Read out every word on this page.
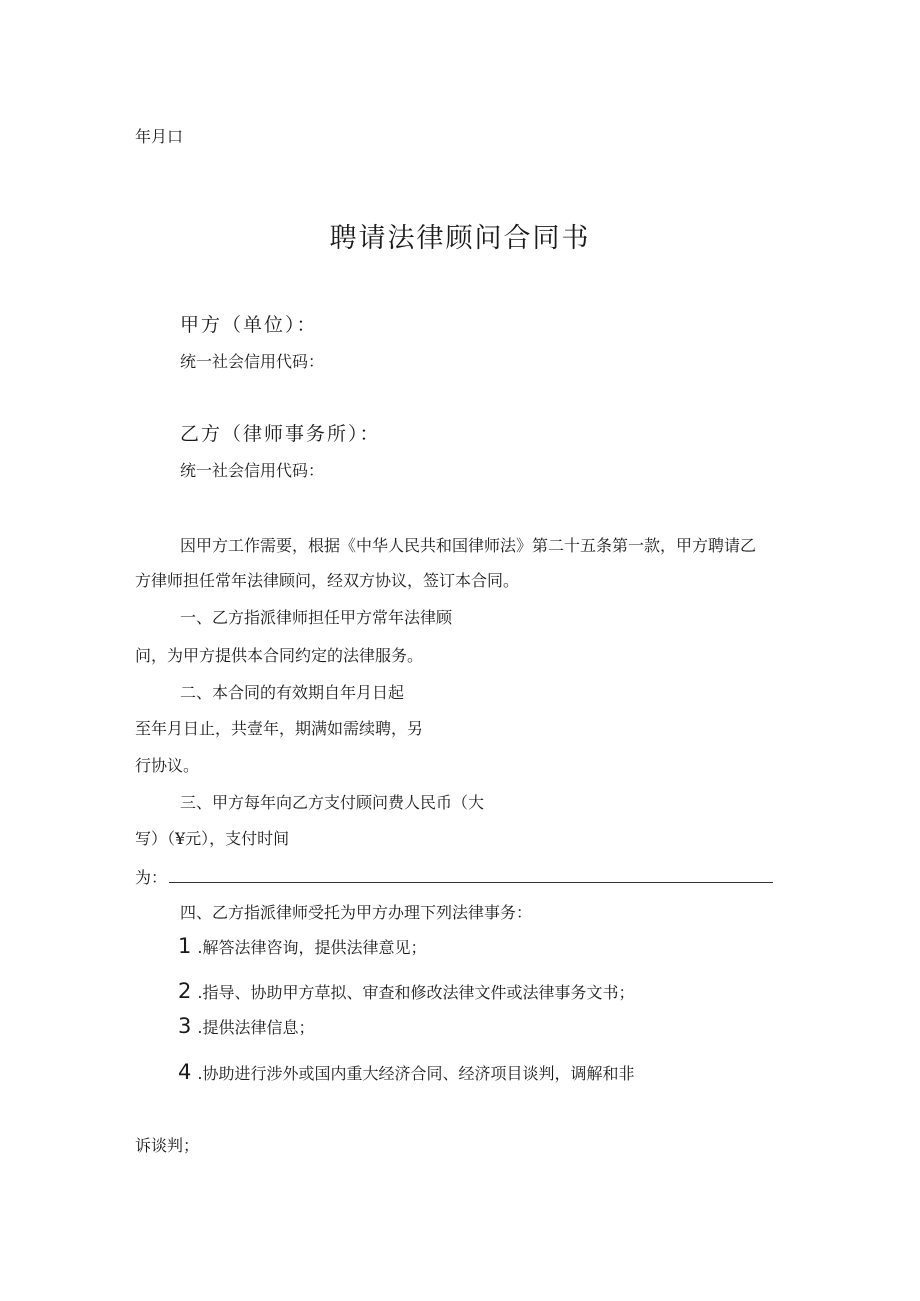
年月口
聘请法律顾问合同书
甲方（单位）：
统一社会信用代码：
乙方（律师事务所）：
统一社会信用代码：
因甲方工作需要，根据《中华人民共和国律师法》第二十五条第一款，甲方聘请乙
方律师担任常年法律顾问，经双方协议，签订本合同。
一、乙方指派律师担任甲方常年法律顾
问，为甲方提供本合同约定的法律服务。
二、本合同的有效期自年月日起
至年月日止，共壹年，期满如需续聘，另
行协议。
三、甲方每年向乙方支付顾问费人民币（大
写）（¥元），支付时间
为：
四、乙方指派律师受托为甲方办理下列法律事务：
1 .解答法律咨询，提供法律意见；
2 .指导、协助甲方草拟、审查和修改法律文件或法律事务文书；
3 .提供法律信息；
4 .协助进行涉外或国内重大经济合同、经济项目谈判，调解和非
诉谈判；
